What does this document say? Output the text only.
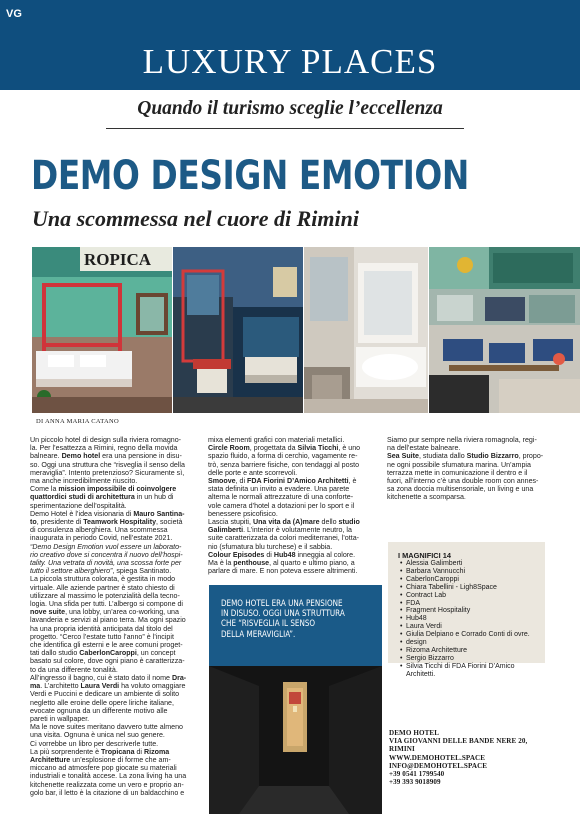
VG
LUXURY PLACES
Quando il turismo sceglie l’eccellenza
DEMO DESIGN EMOTION
Una scommessa nel cuore di Rimini
ROPICA
DI ANNA MARIA CATANO

Un piccolo hotel di design sulla riviera romagno-

la. Per l’esattezza a Rimini, regno della movida

balneare. Demo hotel era una pensione in disu-

so. Oggi una struttura che “risveglia il senso della

meraviglia”. Intento pretenzioso? Sicuramente sì,

ma anche incredibilmente riuscito.

Come la mission impossibile di coinvolgere

quattordici studi di architettura in un hub di

sperimentazione dell’ospitalità.

Demo Hotel è l’idea visionaria di Mauro Santina-

to, presidente di Teamwork Hospitality, società

di consulenza alberghiera. Una scommessa

inaugurata in periodo Covid, nell’estate 2021.

“Demo Design Emotion vuol essere un laborato-

rio creativo dove si concentra il nuovo dell’hospi-

tality. Una vetrata di novità, una scossa forte per

tutto il settore alberghiero”, spiega Santinato.

La piccola struttura colorata, è gestita in modo

virtuale. Alle aziende partner è stato chiesto di

utilizzare al massimo le potenzialità della tecno-

logia. Una sfida per tutti. L’albergo si compone di

nove suite, una lobby, un’area co-working, una

lavanderia e servizi al piano terra. Ma ogni spazio

ha una propria identità anticipata dal titolo del

progetto. “Cerco l’estate tutto l’anno” è l’incipit

che identifica gli esterni e le aree comuni proget-

tati dallo studio CaberlonCaroppi, un concept

basato sul colore, dove ogni piano è caratterizza-

to da una differente tonalità.

All’ingresso il bagno, cui è stato dato il nome Dra-

ma. L’architetto Laura Verdi ha voluto omaggiare

Verdi e Puccini e dedicare un ambiente di solito

negletto alle eroine delle opere liriche italiane,

evocate ognuna da un differente motivo alle

pareti in wallpaper.

Ma le nove suites meritano davvero tutte almeno

una visita. Ognuna è unica nel suo genere.

Ci vorrebbe un libro per descriverle tutte.

La più sorprendente è Tropicana di Rizoma

Architetture un’esplosione di forme che am-

miccano ad atmosfere pop giocate su materiali

industriali e tonalità accese. La zona living ha una

kitchenette realizzata come un vero e proprio an-

golo bar, il letto è la citazione di un baldacchino e

mixa elementi grafici con materiali metallici.

Circle Room, progettata da Silvia Ticchi, è uno

spazio fluido, a forma di cerchio, vagamente re-

trò, senza barriere fisiche, con tendaggi al posto

delle porte e ante scorrevoli.

Smoove, di FDA Fiorini D’Amico Architetti, è

stata definita un invito a evadere. Una parete

alterna le normali attrezzature di una conforte-

vole camera d’hotel a dotazioni per lo sport e il

benessere psicofisico.

Lascia stupiti, Una vita da (A)mare dello studio

Galimberti. L’interior è volutamente neutro, la

suite caratterizzata da colori mediterranei, l’otta-

nio (sfumatura blu turchese) e il sabbia.

Colour Episodes di Hub48 inneggia al colore.

Ma è la penthouse, al quarto e ultimo piano, a

parlare di mare. E non poteva essere altrimenti.

DEMO HOTEL ERA UNA PENSIONE
IN DISUSO. OGGI UNA STRUTTURA
CHE “RISVEGLIA IL SENSO
DELLA MERAVIGLIA”.

Siamo pur sempre nella riviera romagnola, regi-

na dell’estate balneare.

Sea Suite, studiata dallo Studio Bizzarro, propo-

ne ogni possibile sfumatura marina. Un’ampia

terrazza mette in comunicazione il dentro e il

fuori, all’interno c’è una double room con annes-

sa zona doccia multisensoriale, un living e una

kitchenette a scomparsa.

I MAGNIFICI 14
• Alessia Galimberti
• Barbara Vannucchi
• CaberlonCaroppi
• Chiara Tabellini - Ligh8Space
• Contract Lab
• FDA
• Fragment Hospitality
• Hub48
• Laura Verdi
• Giulia Delpiano e Corrado Conti di ovre.
• design
• Rizoma Architetture
• Sergio Bizzarro
• Silvia Ticchi di FDA Fiorini D’Amico
Architetti.
DEMO HOTEL
VIA GIOVANNI DELLE BANDE NERE 20,
RIMINI
WWW.DEMOHOTEL.SPACE
INFO@DEMOHOTEL.SPACE
+39 0541 1799540
+39 393 9018909
